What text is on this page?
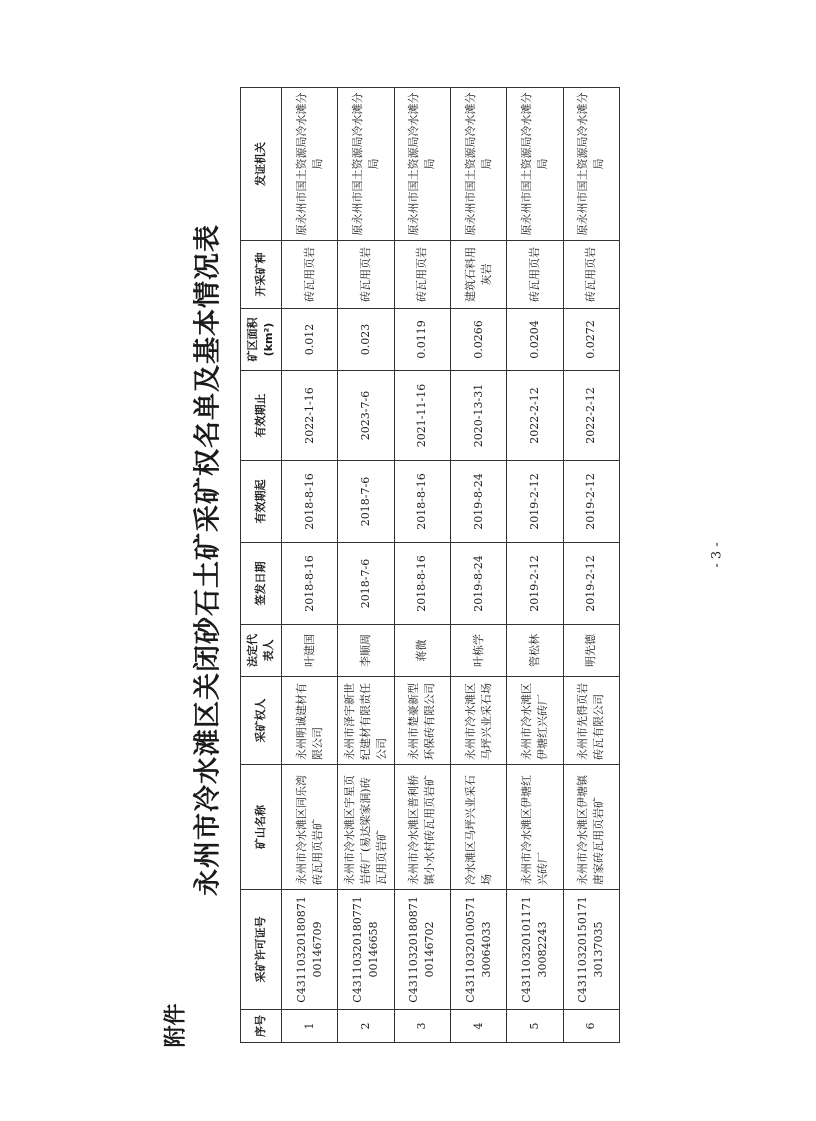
附件
永州市冷水滩区关闭砂石土矿采矿权名单及基本情况表
序号	采矿许可证号	矿山名称	采矿权人	法定代表人	签发日期	有效期起	有效期止	矿区面积(km²)	开采矿种	发证机关
1	C4311032018087100146709	永州市冷水滩区同乐湾砖瓦用页岩矿	永州明诚建材有限公司	叶建国	2018-8-16	2018-8-16	2022-1-16	0.012	砖瓦用页岩	原永州市国土资源局冷水滩分局
2	C4311032018077100146658	永州市冷水滩区宇星页岩砖厂(易达梁家洞)砖瓦用页岩矿	永州市泽宇新世纪建材有限责任公司	李顺周	2018-7-6	2018-7-6	2023-7-6	0.023	砖瓦用页岩	原永州市国土资源局冷水滩分局
3	C4311032018087100146702	永州市冷水滩区普利桥镇小水村砖瓦用页岩矿	永州市楚豪新型环保砖有限公司	蒋微	2018-8-16	2018-8-16	2021-11-16	0.0119	砖瓦用页岩	原永州市国土资源局冷水滩分局
4	C4311032010057130064033	冷水滩区马坪兴业采石场	永州市冷水滩区马坪兴业采石场	叶栋学	2019-8-24	2019-8-24	2020-13-31	0.0266	建筑石料用灰岩	原永州市国土资源局冷水滩分局
5	C4311032010117130082243	永州市冷水滩区伊塘红兴砖厂	永州市冷水滩区伊塘红兴砖厂	管松林	2019-2-12	2019-2-12	2022-2-12	0.0204	砖瓦用页岩	原永州市国土资源局冷水滩分局
6	C4311032015017130137035	永州市冷水滩区伊塘镇唐家砖瓦用页岩矿	永州市先得页岩砖瓦有限公司	明先德	2019-2-12	2019-2-12	2022-2-12	0.0272	砖瓦用页岩	原永州市国土资源局冷水滩分局
- 3 -
